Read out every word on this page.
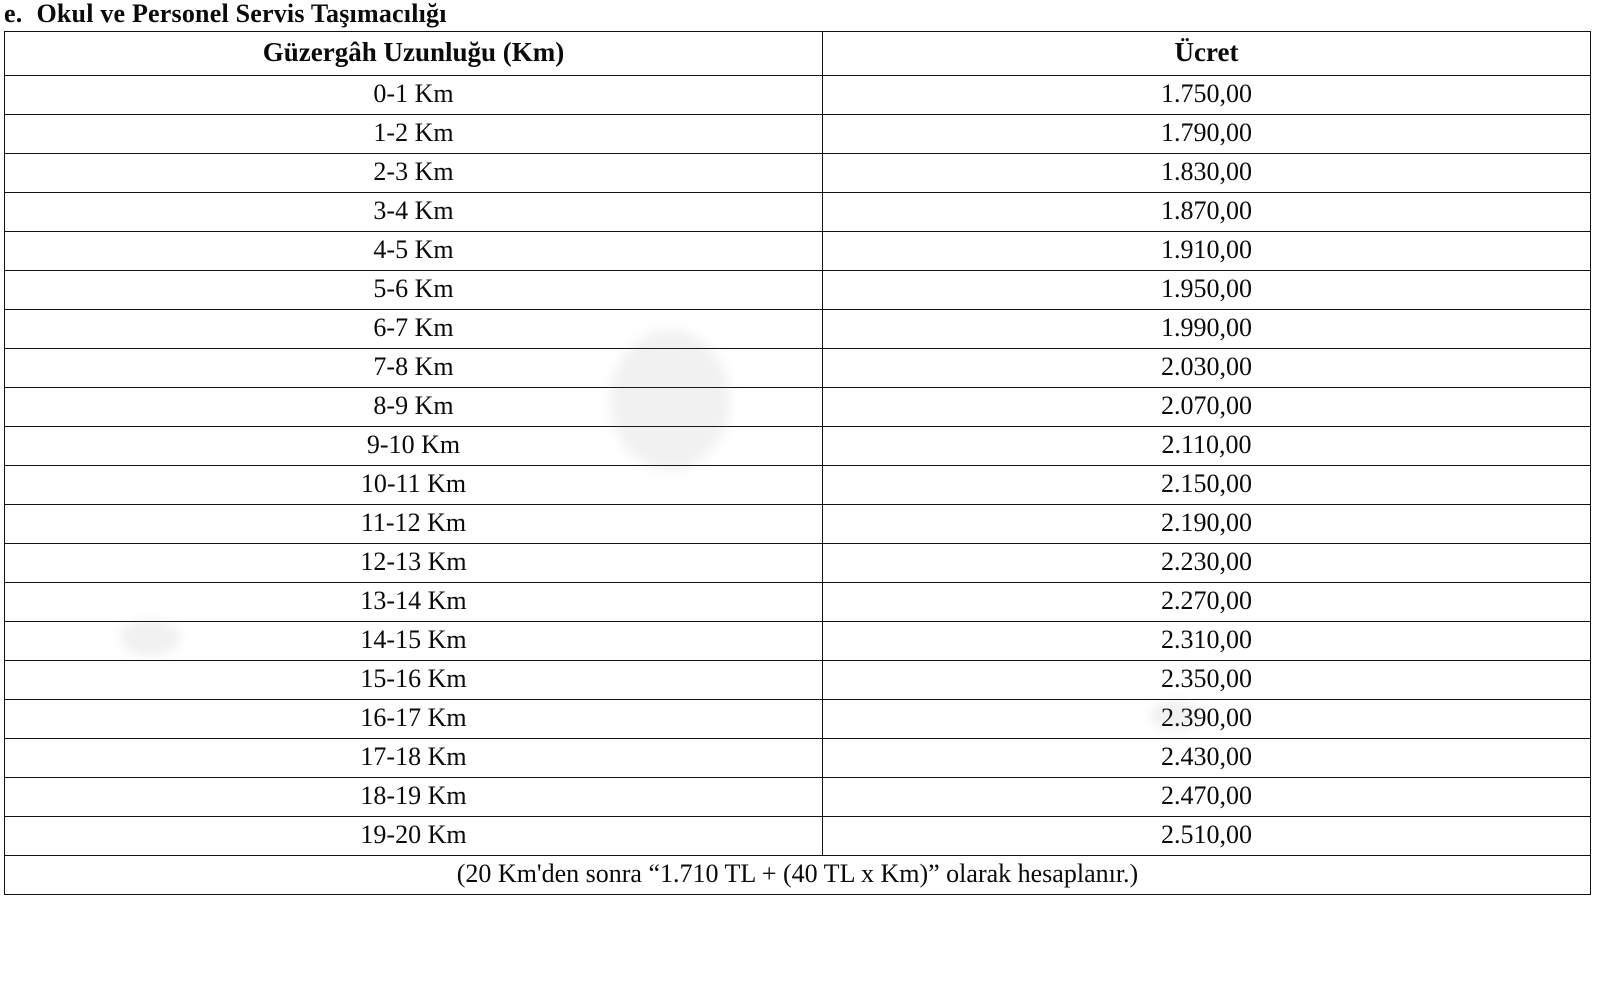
e. Okul ve Personel Servis Taşımacılığı
Güzergâh Uzunluğu (Km)	Ücret
0-1 Km	1.750,00
1-2 Km	1.790,00
2-3 Km	1.830,00
3-4 Km	1.870,00
4-5 Km	1.910,00
5-6 Km	1.950,00
6-7 Km	1.990,00
7-8 Km	2.030,00
8-9 Km	2.070,00
9-10 Km	2.110,00
10-11 Km	2.150,00
11-12 Km	2.190,00
12-13 Km	2.230,00
13-14 Km	2.270,00
14-15 Km	2.310,00
15-16 Km	2.350,00
16-17 Km	2.390,00
17-18 Km	2.430,00
18-19 Km	2.470,00
19-20 Km	2.510,00
(20 Km'den sonra “1.710 TL + (40 TL x Km)” olarak hesaplanır.)	
